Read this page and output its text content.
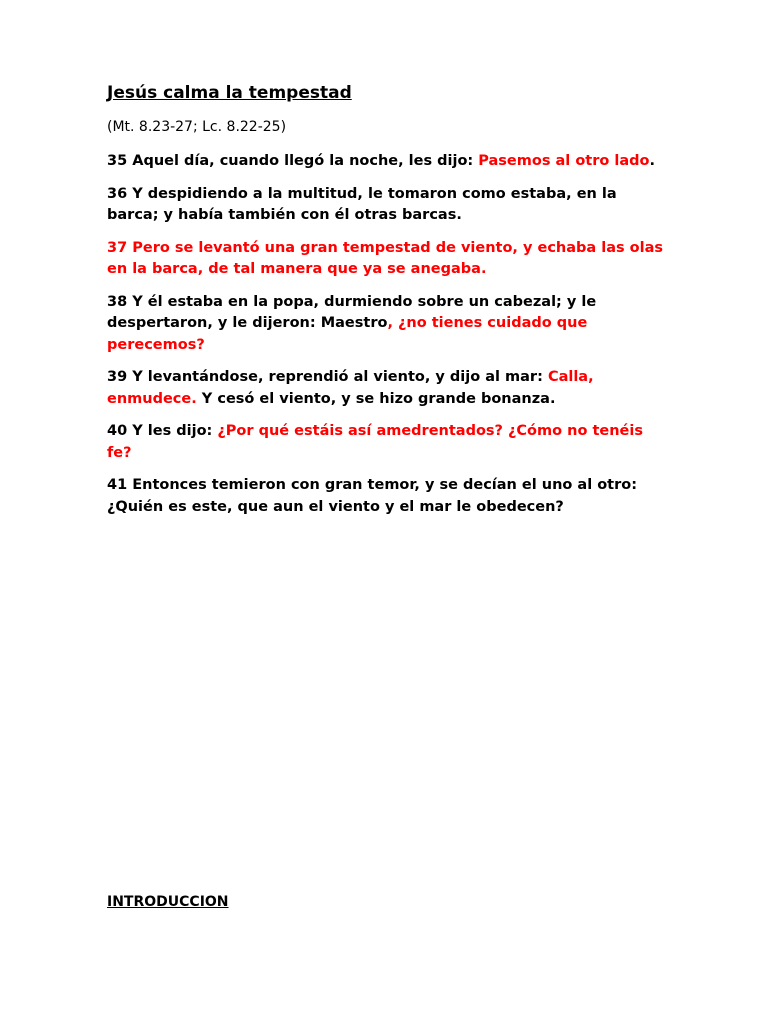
Jesús calma la tempestad

(Mt. 8.23-27; Lc. 8.22-25)

35 Aquel día, cuando llegó la noche, les dijo: Pasemos al otro lado.

36 Y despidiendo a la multitud, le tomaron como estaba, en la barca; y había también con él otras barcas.

37 Pero se levantó una gran tempestad de viento, y echaba las olas en la barca, de tal manera que ya se anegaba.

38 Y él estaba en la popa, durmiendo sobre un cabezal; y le despertaron, y le dijeron: Maestro, ¿no tienes cuidado que perecemos?

39 Y levantándose, reprendió al viento, y dijo al mar: Calla, enmudece. Y cesó el viento, y se hizo grande bonanza.

40 Y les dijo: ¿Por qué estáis así amedrentados? ¿Cómo no tenéis fe?

41 Entonces temieron con gran temor, y se decían el uno al otro: ¿Quién es este, que aun el viento y el mar le obedecen?

INTRODUCCION
